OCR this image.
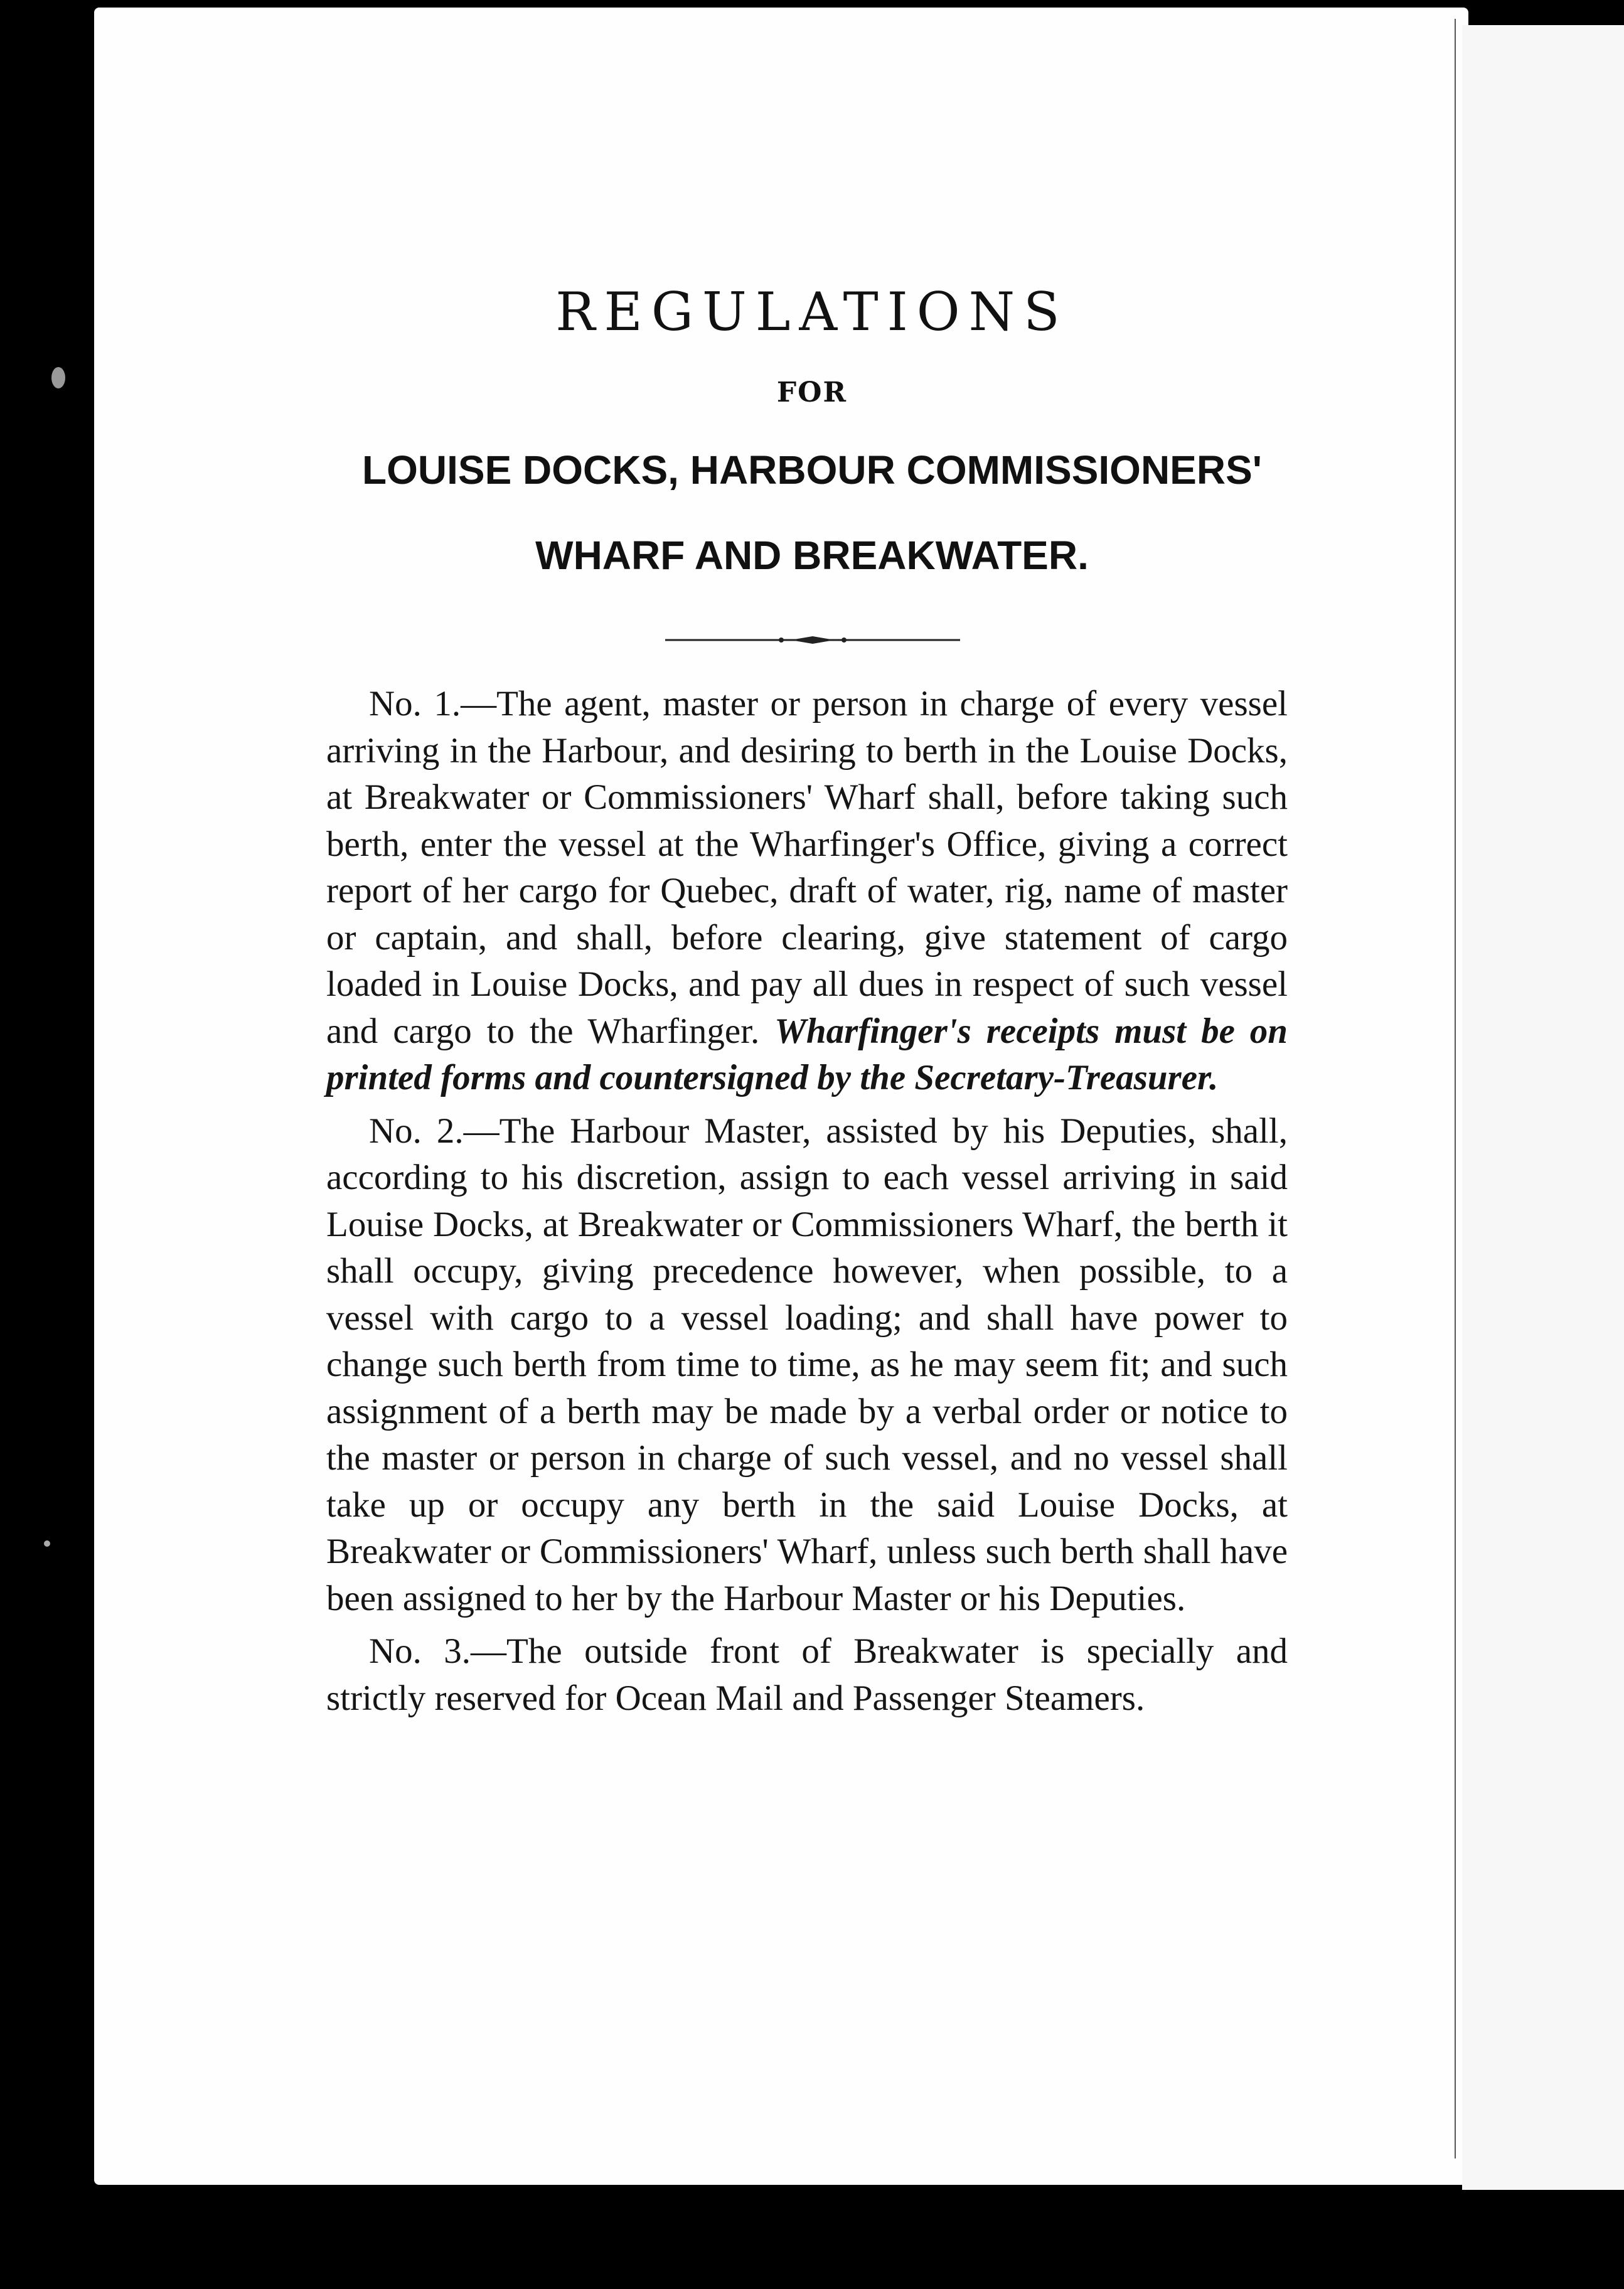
REGULATIONS
FOR
LOUISE DOCKS, HARBOUR COMMISSIONERS'
WHARF AND BREAKWATER.

No. 1.—The agent, master or person in charge of every vessel arriving in the Harbour, and desiring to berth in the Louise Docks, at Breakwater or Commissioners' Wharf shall, before taking such berth, enter the vessel at the Wharfinger's Office, giving a correct report of her cargo for Quebec, draft of water, rig, name of master or captain, and shall, before clearing, give statement of cargo loaded in Louise Docks, and pay all dues in respect of such vessel and cargo to the Wharfinger. Wharfinger's receipts must be on printed forms and countersigned by the Secretary-Treasurer.

No. 2.—The Harbour Master, assisted by his Deputies, shall, according to his discretion, assign to each vessel arriving in said Louise Docks, at Breakwater or Commissioners Wharf, the berth it shall occupy, giving precedence however, when possible, to a vessel with cargo to a vessel loading; and shall have power to change such berth from time to time, as he may seem fit; and such assignment of a berth may be made by a verbal order or notice to the master or person in charge of such vessel, and no vessel shall take up or occupy any berth in the said Louise Docks, at Breakwater or Commissioners' Wharf, unless such berth shall have been assigned to her by the Harbour Master or his Deputies.

No. 3.—The outside front of Breakwater is specially and strictly reserved for Ocean Mail and Passenger Steamers.
